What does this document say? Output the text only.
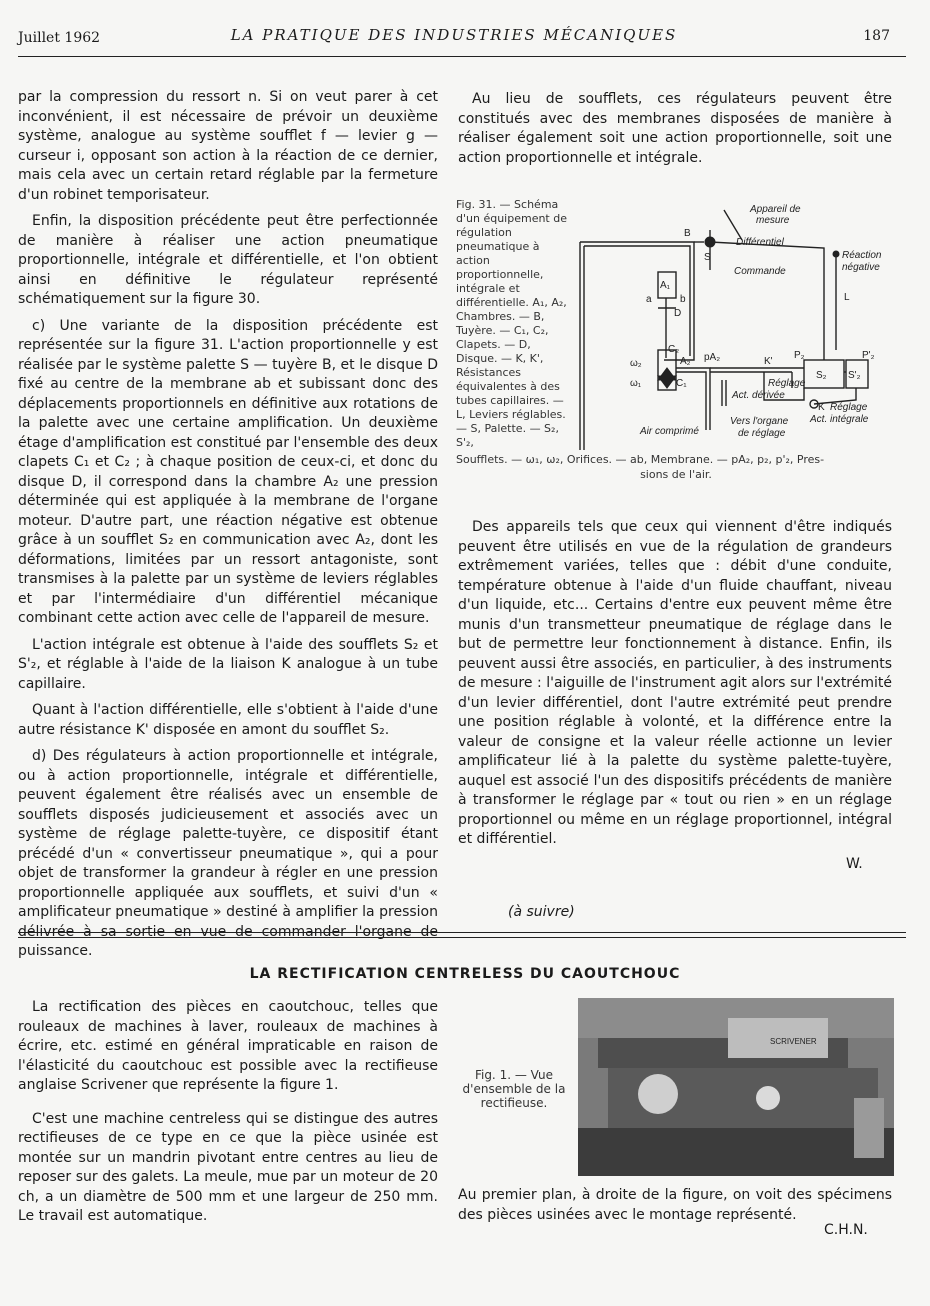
Juillet 1962	LA PRATIQUE DES INDUSTRIES MÉCANIQUES	187

par la compression du ressort n. Si on veut parer à cet inconvénient, il est nécessaire de prévoir un deuxième système, analogue au système soufflet f — levier g — curseur i, opposant son action à la réaction de ce dernier, mais cela avec un certain retard réglable par la fermeture d'un robinet temporisateur.

Enfin, la disposition précédente peut être perfectionnée de manière à réaliser une action pneumatique proportionnelle, intégrale et différentielle, et l'on obtient ainsi en définitive le régulateur représenté schématiquement sur la figure 30.

c) Une variante de la disposition précédente est représentée sur la figure 31. L'action proportionnelle y est réalisée par le système palette S — tuyère B, et le disque D fixé au centre de la membrane ab et subissant donc des déplacements proportionnels en définitive aux rotations de la palette avec une certaine amplification. Un deuxième étage d'amplification est constitué par l'ensemble des deux clapets C₁ et C₂ ; à chaque position de ceux-ci, et donc du disque D, il correspond dans la chambre A₂ une pression déterminée qui est appliquée à la membrane de l'organe moteur. D'autre part, une réaction négative est obtenue grâce à un soufflet S₂ en communication avec A₂, dont les déformations, limitées par un ressort antagoniste, sont transmises à la palette par un système de leviers réglables et par l'intermédiaire d'un différentiel mécanique combinant cette action avec celle de l'appareil de mesure.

L'action intégrale est obtenue à l'aide des soufflets S₂ et S'₂, et réglable à l'aide de la liaison K analogue à un tube capillaire.

Quant à l'action différentielle, elle s'obtient à l'aide d'une autre résistance K' disposée en amont du soufflet S₂.

d) Des régulateurs à action proportionnelle et intégrale, ou à action proportionnelle, intégrale et différentielle, peuvent également être réalisés avec un ensemble de soufflets disposés judicieusement et associés avec un système de réglage palette-tuyère, ce dispositif étant précédé d'un « convertisseur pneumatique », qui a pour objet de transformer la grandeur à régler en une pression proportionnelle appliquée aux soufflets, et suivi d'un « amplificateur pneumatique » destiné à amplifier la pression délivrée à sa sortie en vue de commander l'organe de puissance.

Au lieu de soufflets, ces régulateurs peuvent être constitués avec des membranes disposées de manière à réaliser également soit une action proportionnelle, soit une action proportionnelle et intégrale.

Fig. 31. — Schéma d'un équipement de régulation pneumatique à action proportionnelle, intégrale et différentielle. A₁, A₂, Chambres. — B, Tuyère. — C₁, C₂, Clapets. — D, Disque. — K, K', Résistances équivalentes à des tubes capillaires. — L, Leviers réglables. — S, Palette. — S₂, S'₂,
Appareil de
mesure
Différentiel
Réaction
négative
Commande
B
S
L
a
A₁
b
D
C₂
A₂ pA₂	K'
P₂	P'₂
ω₂
ω₁	C₁
S₂ S'₂
Réglage
Act. dérivée
K Réglage
Act. intégrale
Vers l'organe
de réglage
Air comprimé
Soufflets. — ω₁, ω₂, Orifices. — ab, Membrane. — pA₂, p₂, p'₂, Pres-
sions de l'air.

Des appareils tels que ceux qui viennent d'être indiqués peuvent être utilisés en vue de la régulation de grandeurs extrêmement variées, telles que : débit d'une conduite, température obtenue à l'aide d'un fluide chauffant, niveau d'un liquide, etc... Certains d'entre eux peuvent même être munis d'un transmetteur pneumatique de réglage dans le but de permettre leur fonctionnement à distance. Enfin, ils peuvent aussi être associés, en particulier, à des instruments de mesure : l'aiguille de l'instrument agit alors sur l'extrémité d'un levier différentiel, dont l'autre extrémité peut prendre une position réglable à volonté, et la différence entre la valeur de consigne et la valeur réelle actionne un levier amplificateur lié à la palette du système palette-tuyère, auquel est associé l'un des dispositifs précédents de manière à transformer le réglage par « tout ou rien » en un réglage proportionnel ou même en un réglage proportionnel, intégral et différentiel.

W.
(à suivre)
LA RECTIFICATION CENTRELESS DU CAOUTCHOUC

La rectification des pièces en caoutchouc, telles que rouleaux de machines à laver, rouleaux de machines à écrire, etc. estimé en général impraticable en raison de l'élasticité du caoutchouc est possible avec la rectifieuse anglaise Scrivener que représente la figure 1.

C'est une machine centreless qui se distingue des autres rectifieuses de ce type en ce que la pièce usinée est montée sur un mandrin pivotant entre centres au lieu de reposer sur des galets. La meule, mue par un moteur de 20 ch, a un diamètre de 500 mm et une largeur de 250 mm. Le travail est automatique.

Fig. 1. — Vue d'ensemble de la rectifieuse.
SCRIVENER
Au premier plan, à droite de la figure, on voit des spécimens des pièces usinées avec le montage représenté.
C.H.N.
